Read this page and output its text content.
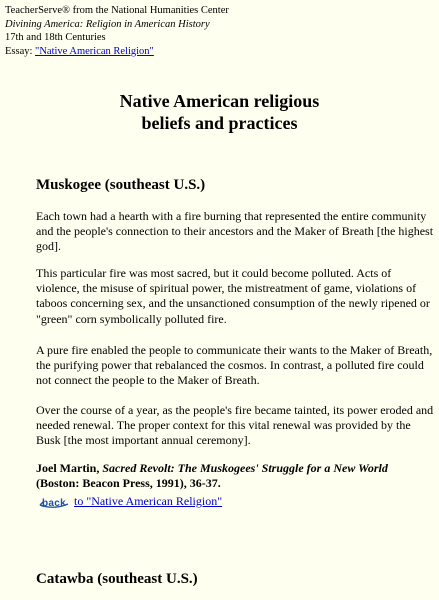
TeacherServe® from the National Humanities Center
Divining America: Religion in American History
17th and 18th Centuries
Essay: "Native American Religion"
Native American religious
beliefs and practices
Muskogee (southeast U.S.)
Each town had a hearth with a fire burning that represented the entire community and the people's connection to their ancestors and the Maker of Breath [the highest god].
This particular fire was most sacred, but it could become polluted. Acts of violence, the misuse of spiritual power, the mistreatment of game, violations of taboos concerning sex, and the unsanctioned consumption of the newly ripened or "green" corn symbolically polluted fire.
A pure fire enabled the people to communicate their wants to the Maker of Breath, the purifying power that rebalanced the cosmos. In contrast, a polluted fire could not connect the people to the Maker of Breath.
Over the course of a year, as the people's fire became tainted, its power eroded and needed renewal. The proper context for this vital renewal was provided by the Busk [the most important annual ceremony].
Joel Martin, Sacred Revolt: The Muskogees' Struggle for a New World
(Boston: Beacon Press, 1991), 36-37.
back to "Native American Religion"
Catawba (southeast U.S.)
